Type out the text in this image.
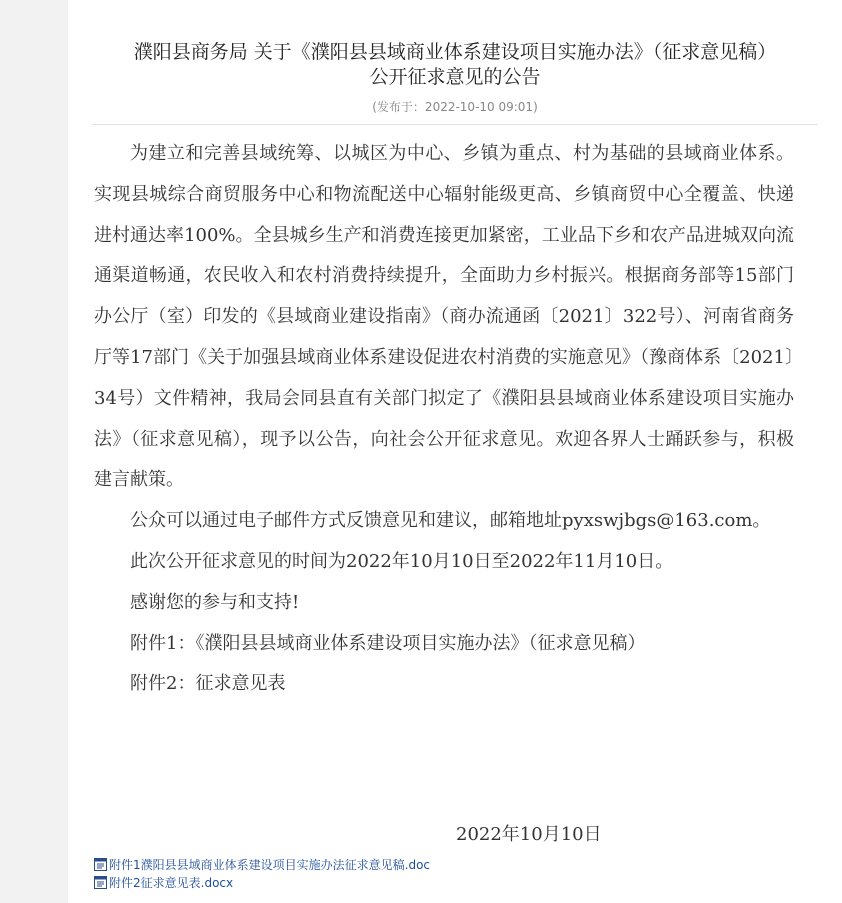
濮阳县商务局 关于《濮阳县县域商业体系建设项目实施办法》（征求意见稿）
公开征求意见的公告
(发布于：2022-10-10 09:01)

为建立和完善县域统筹、以城区为中心、乡镇为重点、村为基础的县域商业体系。实现县城综合商贸服务中心和物流配送中心辐射能级更高、乡镇商贸中心全覆盖、快递进村通达率100%。全县城乡生产和消费连接更加紧密，工业品下乡和农产品进城双向流通渠道畅通，农民收入和农村消费持续提升，全面助力乡村振兴。根据商务部等15部门办公厅（室）印发的《县域商业建设指南》（商办流通函〔2021〕322号）、河南省商务厅等17部门《关于加强县域商业体系建设促进农村消费的实施意见》（豫商体系〔2021〕34号）文件精神，我局会同县直有关部门拟定了《濮阳县县域商业体系建设项目实施办法》（征求意见稿），现予以公告，向社会公开征求意见。欢迎各界人士踊跃参与，积极建言献策。

公众可以通过电子邮件方式反馈意见和建议，邮箱地址pyxswjbgs@163.com。

此次公开征求意见的时间为2022年10月10日至2022年11月10日。

感谢您的参与和支持!

附件1：《濮阳县县域商业体系建设项目实施办法》（征求意见稿）

附件2：征求意见表

2022年10月10日
附件1濮阳县县域商业体系建设项目实施办法征求意见稿.doc
附件2征求意见表.docx
